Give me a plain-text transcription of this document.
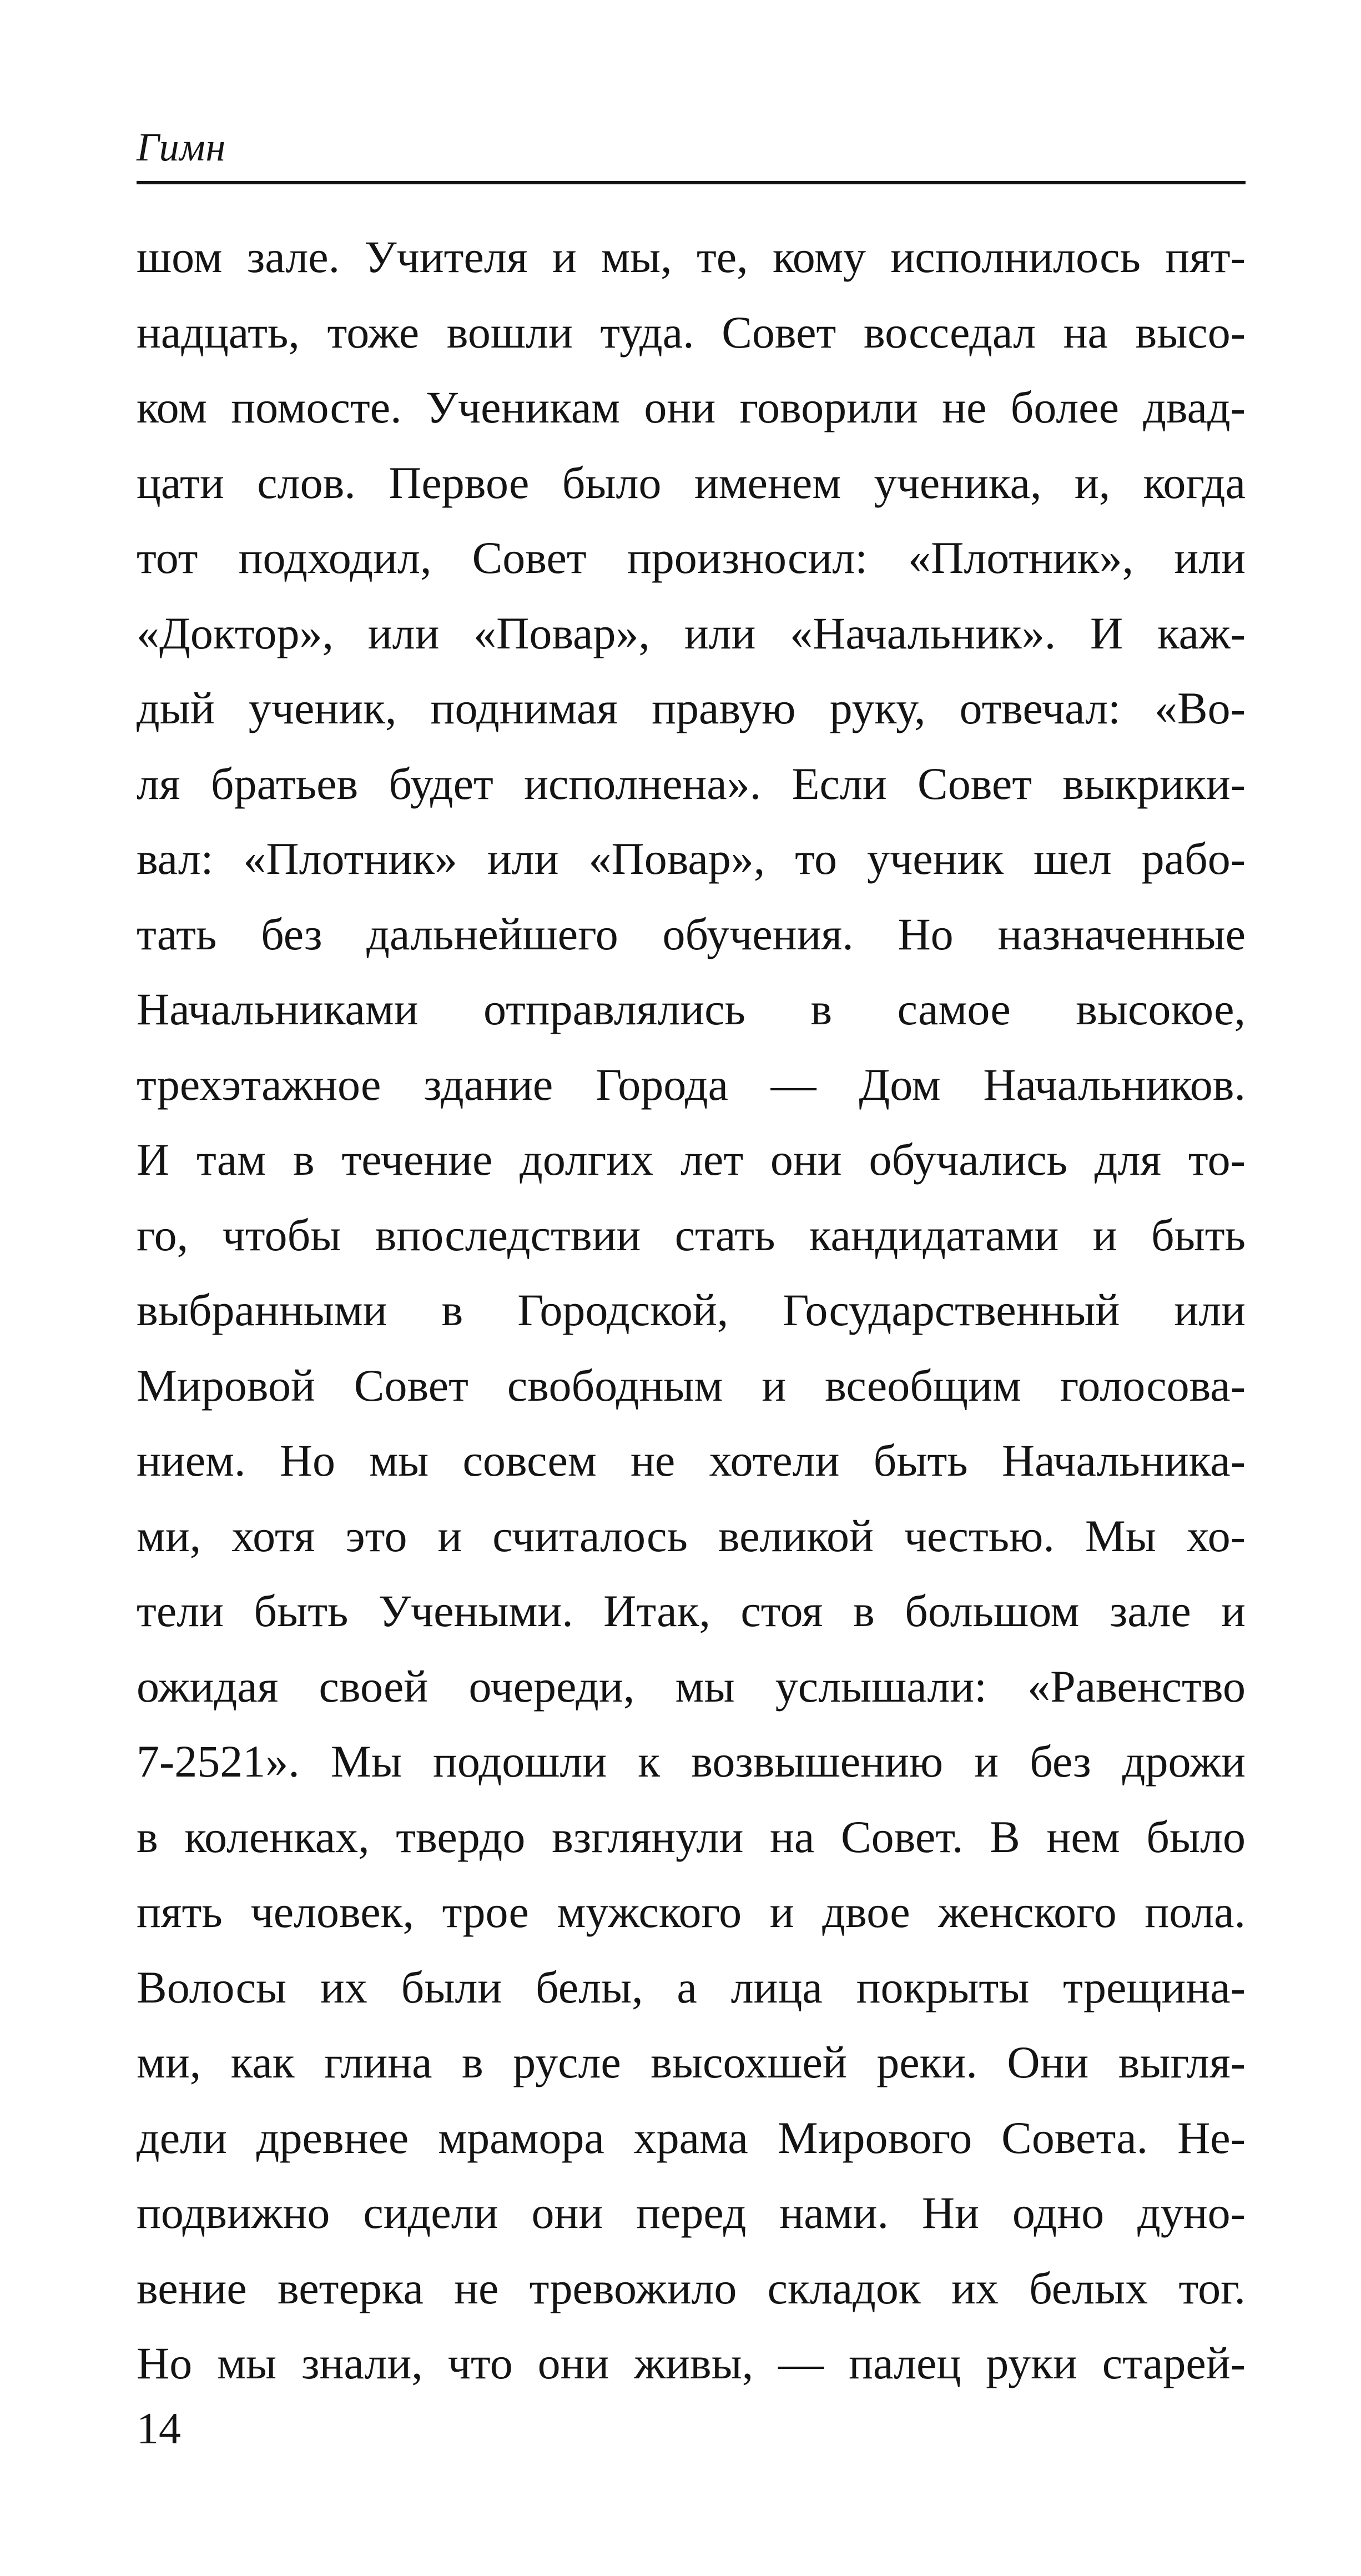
Гимн
шом зале. Учителя и мы, те, кому исполнилось пят-
надцать, тоже вошли туда. Совет восседал на высо-
ком помосте. Ученикам они говорили не более двад-
цати слов. Первое было именем ученика, и, когда
тот подходил, Совет произносил: «Плотник», или
«Доктор», или «Повар», или «Начальник». И каж-
дый ученик, поднимая правую руку, отвечал: «Во-
ля братьев будет исполнена». Если Совет выкрики-
вал: «Плотник» или «Повар», то ученик шел рабо-
тать без дальнейшего обучения. Но назначенные
Начальниками отправлялись в самое высокое,
трехэтажное здание Города — Дом Начальников.
И там в течение долгих лет они обучались для то-
го, чтобы впоследствии стать кандидатами и быть
выбранными в Городской, Государственный или
Мировой Совет свободным и всеобщим голосова-
нием. Но мы совсем не хотели быть Начальника-
ми, хотя это и считалось великой честью. Мы хо-
тели быть Учеными. Итак, стоя в большом зале и
ожидая своей очереди, мы услышали: «Равенство
7-2521». Мы подошли к возвышению и без дрожи
в коленках, твердо взглянули на Совет. В нем было
пять человек, трое мужского и двое женского пола.
Волосы их были белы, а лица покрыты трещина-
ми, как глина в русле высохшей реки. Они выгля-
дели древнее мрамора храма Мирового Совета. Не-
подвижно сидели они перед нами. Ни одно дуно-
вение ветерка не тревожило складок их белых тог.
Но мы знали, что они живы, — палец руки старей-
14
